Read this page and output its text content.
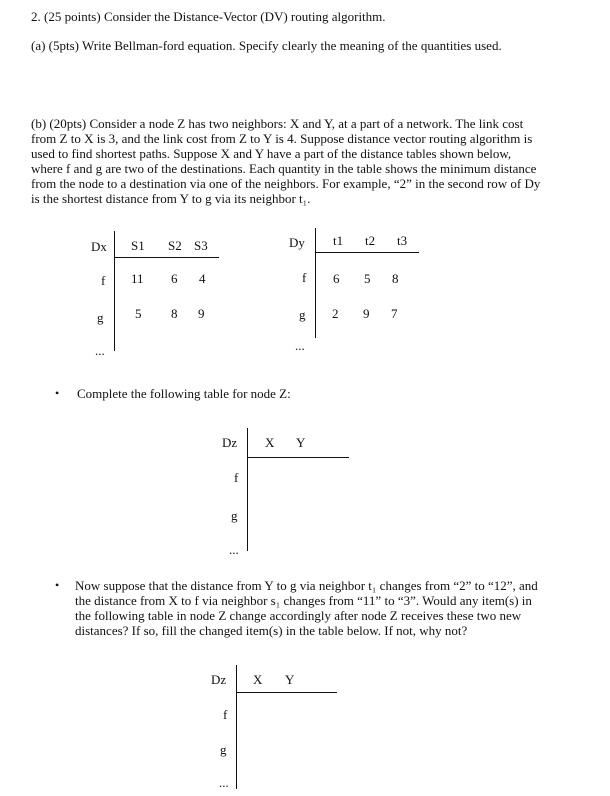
2. (25 points) Consider the Distance-Vector (DV) routing algorithm.
(a) (5pts) Write Bellman-ford equation. Specify clearly the meaning of the quantities used.
(b) (20pts) Consider a node Z has two neighbors: X and Y, at a part of a network. The link cost
from Z to X is 3, and the link cost from Z to Y is 4. Suppose distance vector routing algorithm is
used to find shortest paths. Suppose X and Y have a part of the distance tables shown below,
where f and g are two of the destinations. Each quantity in the table shows the minimum distance
from the node to a destination via one of the neighbors. For example, “2” in the second row of Dy
is the shortest distance from Y to g via its neighbor t₁.
Dx S1 S2 S3
f 11 6 4
g 5 8 9
...
Dy t1 t2 t3
f 6 5 8
g 2 9 7
...
• Complete the following table for node Z:
Dz X Y
f
g
...
• Now suppose that the distance from Y to g via neighbor t₁ changes from “2” to “12”, and
the distance from X to f via neighbor s₁ changes from “11” to “3”. Would any item(s) in
the following table in node Z change accordingly after node Z receives these two new
distances? If so, fill the changed item(s) in the table below. If not, why not?
Dz X Y
f
g
...
